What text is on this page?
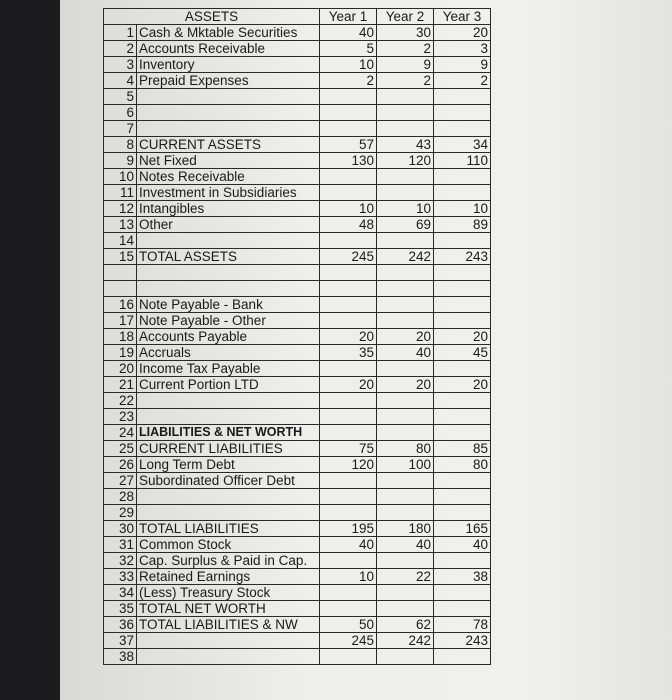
ASSETS		Year 1	Year 2	Year 3
1	Cash & Mktable Securities	40	30	20
2	Accounts Receivable	5	2	3
3	Inventory	10	9	9
4	Prepaid Expenses	2	2	2
5				
6				
7				
8	CURRENT ASSETS	57	43	34
9	Net Fixed	130	120	110
10	Notes Receivable			
11	Investment in Subsidiaries			
12	Intangibles	10	10	10
13	Other	48	69	89
14				
15	TOTAL ASSETS	245	242	243

16	Note Payable - Bank			
17	Note Payable - Other			
18	Accounts Payable	20	20	20
19	Accruals	35	40	45
20	Income Tax Payable			
21	Current Portion LTD	20	20	20
22				
23				
24	LIABILITIES & NET WORTH			
25	CURRENT LIABILITIES	75	80	85
26	Long Term Debt	120	100	80
27	Subordinated Officer Debt			
28				
29				
30	TOTAL LIABILITIES	195	180	165
31	Common Stock	40	40	40
32	Cap. Surplus & Paid in Cap.			
33	Retained Earnings	10	22	38
34	(Less) Treasury Stock			
35	TOTAL NET WORTH			
36	TOTAL LIABILITIES & NW	50	62	78
37		245	242	243
38				
